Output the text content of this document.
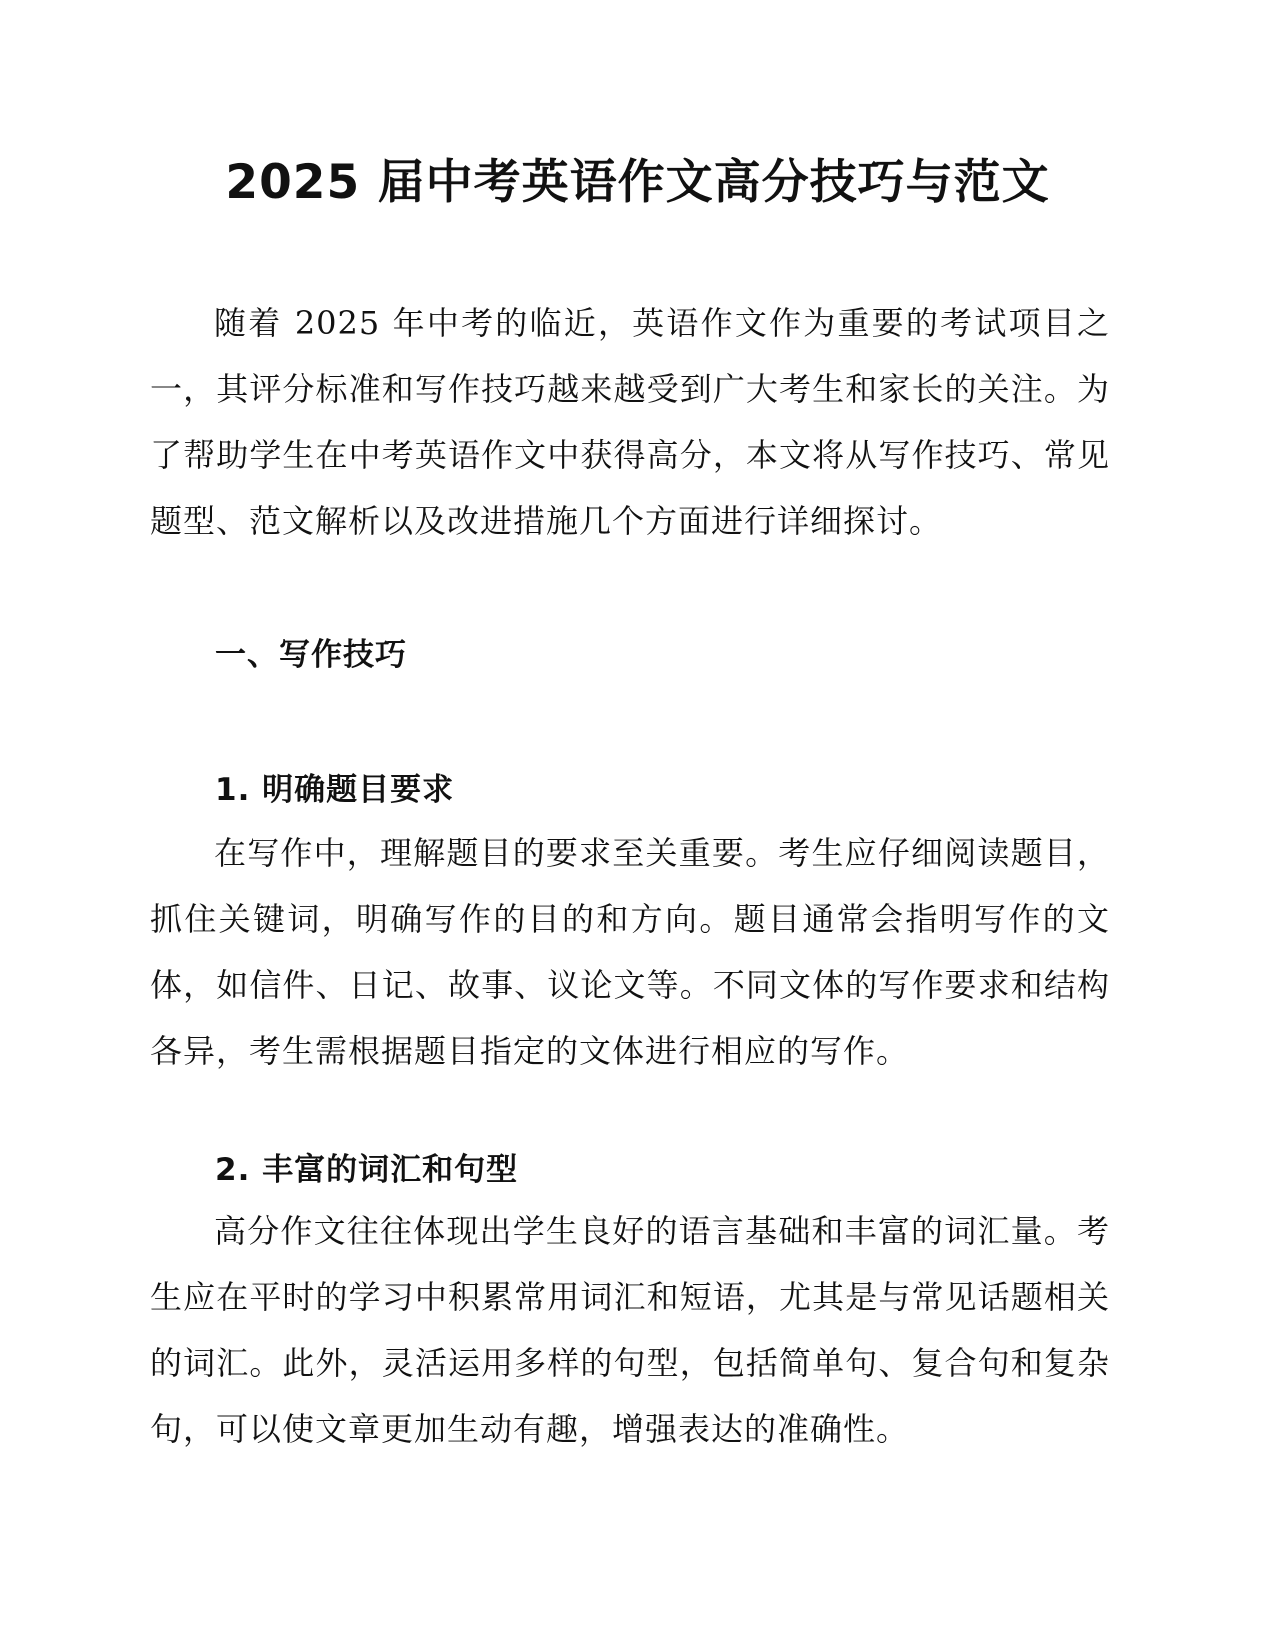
2025 届中考英语作文高分技巧与范文

随着 2025 年中考的临近，英语作文作为重要的考试项目之一，其评分标准和写作技巧越来越受到广大考生和家长的关注。为了帮助学生在中考英语作文中获得高分，本文将从写作技巧、常见题型、范文解析以及改进措施几个方面进行详细探讨。

一、写作技巧
1. 明确题目要求

在写作中，理解题目的要求至关重要。考生应仔细阅读题目，抓住关键词，明确写作的目的和方向。题目通常会指明写作的文体，如信件、日记、故事、议论文等。不同文体的写作要求和结构各异，考生需根据题目指定的文体进行相应的写作。

2. 丰富的词汇和句型

高分作文往往体现出学生良好的语言基础和丰富的词汇量。考生应在平时的学习中积累常用词汇和短语，尤其是与常见话题相关的词汇。此外，灵活运用多样的句型，包括简单句、复合句和复杂句，可以使文章更加生动有趣，增强表达的准确性。
